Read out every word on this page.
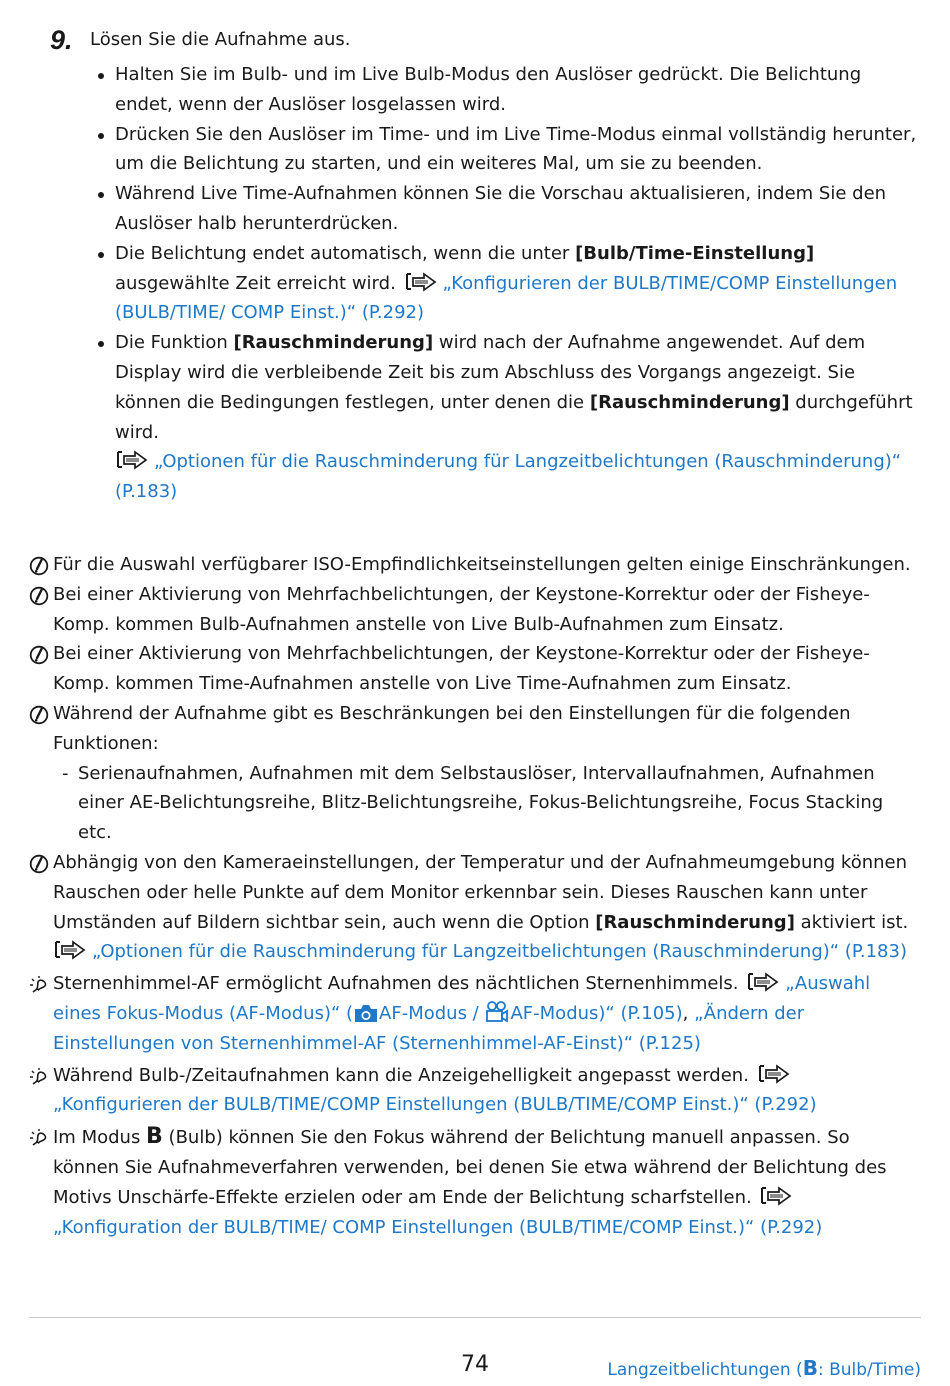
9. Lösen Sie die Aufnahme aus.
Halten Sie im Bulb- und im Live Bulb-Modus den Auslöser gedrückt. Die Belichtung endet, wenn der Auslöser losgelassen wird.
Drücken Sie den Auslöser im Time- und im Live Time-Modus einmal vollständig herunter, um die Belichtung zu starten, und ein weiteres Mal, um sie zu beenden.
Während Live Time-Aufnahmen können Sie die Vorschau aktualisieren, indem Sie den Auslöser halb herunterdrücken.
Die Belichtung endet automatisch, wenn die unter [Bulb/Time-Einstellung] ausgewählte Zeit erreicht wird. „Konfigurieren der BULB/TIME/COMP Einstellungen (BULB/TIME/ COMP Einst.)“ (P.292)
Die Funktion [Rauschminderung] wird nach der Aufnahme angewendet. Auf dem Display wird die verbleibende Zeit bis zum Abschluss des Vorgangs angezeigt. Sie können die Bedingungen festlegen, unter denen die [Rauschminderung] durchgeführt wird.
„Optionen für die Rauschminderung für Langzeitbelichtungen (Rauschminderung)“ (P.183)
Für die Auswahl verfügbarer ISO-Empfindlichkeitseinstellungen gelten einige Einschränkungen.
Bei einer Aktivierung von Mehrfachbelichtungen, der Keystone-Korrektur oder der Fisheye-Komp. kommen Bulb-Aufnahmen anstelle von Live Bulb-Aufnahmen zum Einsatz.
Bei einer Aktivierung von Mehrfachbelichtungen, der Keystone-Korrektur oder der Fisheye-Komp. kommen Time-Aufnahmen anstelle von Live Time-Aufnahmen zum Einsatz.
Während der Aufnahme gibt es Beschränkungen bei den Einstellungen für die folgenden Funktionen:
- Serienaufnahmen, Aufnahmen mit dem Selbstauslöser, Intervallaufnahmen, Aufnahmen einer AE-Belichtungsreihe, Blitz-Belichtungsreihe, Fokus-Belichtungsreihe, Focus Stacking etc.
Abhängig von den Kameraeinstellungen, der Temperatur und der Aufnahmeumgebung können Rauschen oder helle Punkte auf dem Monitor erkennbar sein. Dieses Rauschen kann unter Umständen auf Bildern sichtbar sein, auch wenn die Option [Rauschminderung] aktiviert ist.
„Optionen für die Rauschminderung für Langzeitbelichtungen (Rauschminderung)“ (P.183)
Sternenhimmel-AF ermöglicht Aufnahmen des nächtlichen Sternenhimmels. „Auswahl eines Fokus-Modus (AF-Modus)“ ( AF-Modus / AF-Modus)“ (P.105), „Ändern der Einstellungen von Sternenhimmel-AF (Sternenhimmel-AF-Einst)“ (P.125)
Während Bulb-/Zeitaufnahmen kann die Anzeigehelligkeit angepasst werden. „Konfigurieren der BULB/TIME/COMP Einstellungen (BULB/TIME/COMP Einst.)“ (P.292)
Im Modus B (Bulb) können Sie den Fokus während der Belichtung manuell anpassen. So können Sie Aufnahmeverfahren verwenden, bei denen Sie etwa während der Belichtung des Motivs Unschärfe-Effekte erzielen oder am Ende der Belichtung scharfstellen. „Konfiguration der BULB/TIME/ COMP Einstellungen (BULB/TIME/COMP Einst.)“ (P.292)
74	Langzeitbelichtungen (B: Bulb/Time)
